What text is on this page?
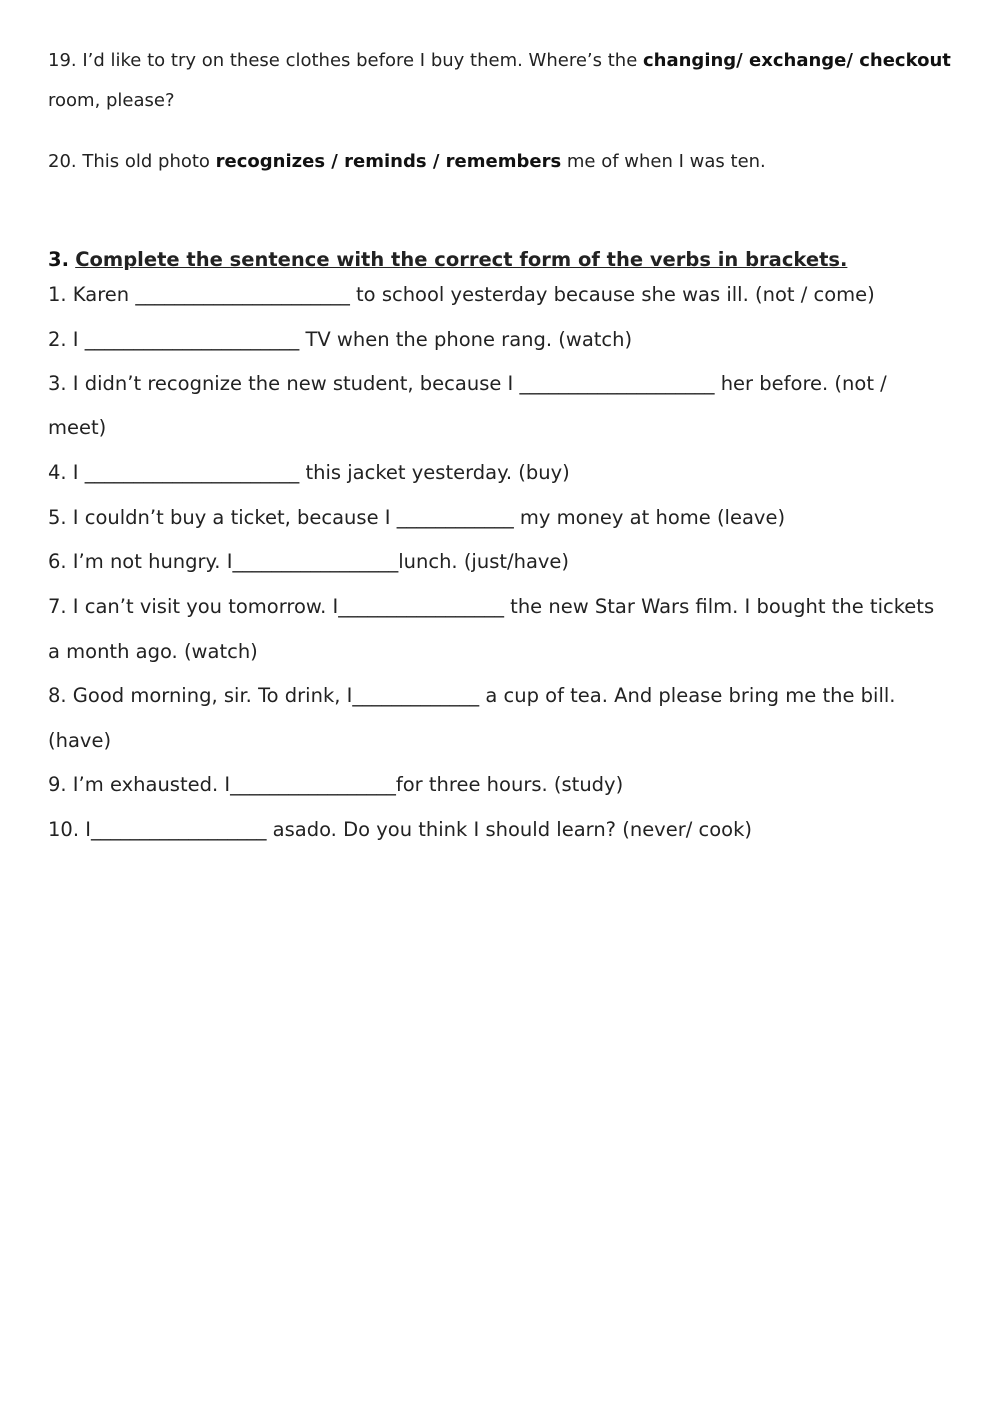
19. I’d like to try on these clothes before I buy them. Where’s the changing/ exchange/ checkout
room, please?
20. This old photo recognizes / reminds / remembers me of when I was ten.
3. Complete the sentence with the correct form of the verbs in brackets.
1. Karen ______________________ to school yesterday because she was ill. (not / come)
2. I ______________________ TV when the phone rang. (watch)
3. I didn’t recognize the new student, because I ____________________ her before. (not /
meet)
4. I ______________________ this jacket yesterday. (buy)
5. I couldn’t buy a ticket, because I ____________ my money at home (leave)
6. I’m not hungry. I_________________lunch. (just/have)
7. I can’t visit you tomorrow. I_________________ the new Star Wars film. I bought the tickets
a month ago. (watch)
8. Good morning, sir. To drink, I_____________ a cup of tea. And please bring me the bill.
(have)
9. I’m exhausted. I_________________for three hours. (study)
10. I__________________ asado. Do you think I should learn? (never/ cook)
